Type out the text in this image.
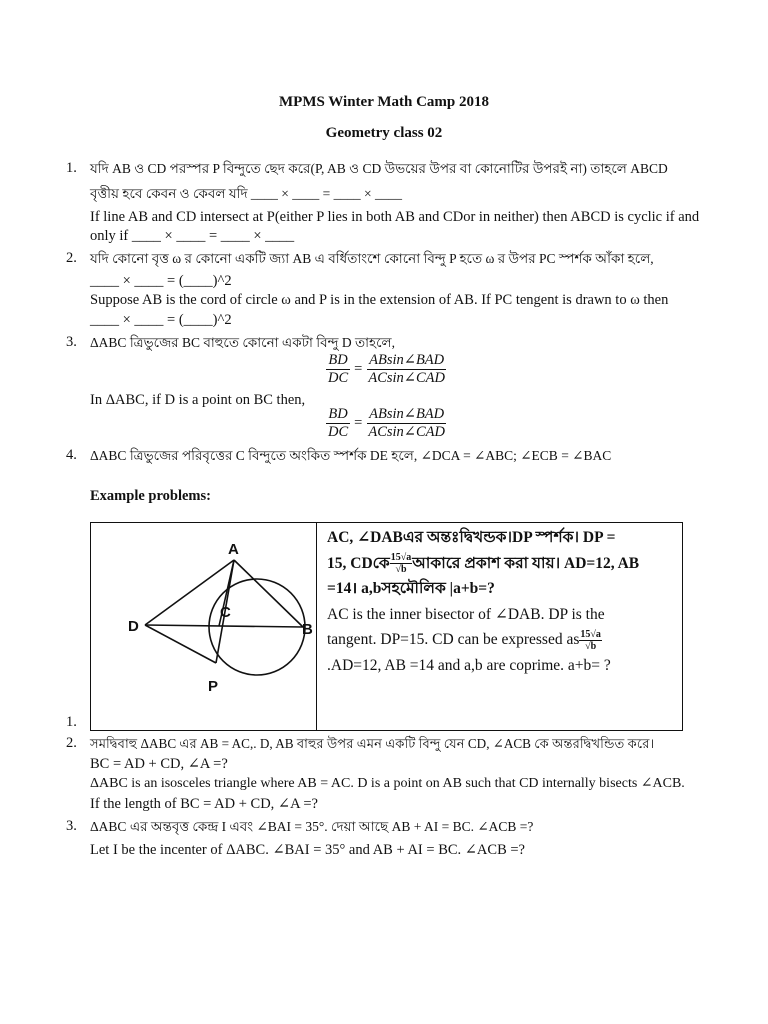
MPMS Winter Math Camp 2018
Geometry class 02
1. যদি AB ও CD পরস্পর P বিন্দুতে ছেদ করে(P, AB ও CD উভয়ের উপর বা কোনোটির উপরই না) তাহলে ABCD
বৃত্তীয় হবে কেবন ও কেবল যদি ____ × ____ = ____ × ____
If line AB and CD intersect at P(either P lies in both AB and CDor in neither) then ABCD is cyclic if and
only if ____ × ____ = ____ × ____
2. যদি কোনো বৃত্ত ω র কোনো একটি জ্যা AB এ বর্ধিতাংশে কোনো বিন্দু P হতে ω র উপর PC স্পর্শক আঁকা হলে,
____ × ____ = (____)^2
Suppose AB is the cord of circle ω and P is in the extension of AB. If PC tengent is drawn to ω then
____ × ____ = (____)^2
3. ΔABC ত্রিভুজের BC বাহুতে কোনো একটা বিন্দু D তাহলে,
$\frac{BD}{DC} = \frac{\text{ABsin∠BAD}}{\text{ACsin∠CAD}}$
In ΔABC, if D is a point on BC then,
$\frac{BD}{DC} = \frac{\text{ABsin∠BAD}}{\text{ACsin∠CAD}}$
4. ΔABC ত্রিভুজের পরিবৃত্তের C বিন্দুতে অংকিত স্পর্শক DE হলে, ∠DCA = ∠ABC; ∠ECB = ∠BAC
Example problems:
AC, ∠DABএর অন্তঃদ্বিখন্ডক।DP স্পর্শক। DP =
15, CDকে $\frac{15√a}{√b}$ আকারে প্রকাশ করা যায়। AD=12, AB
=14। a,bসহমৌলিক |a+b=?
AC is the inner bisector of ∠DAB. DP is the
tangent. DP=15. CD can be expressed as $\frac{15√a}{√b}$
.AD=12, AB =14 and a,b are coprime. a+b= ?
A
D	B
C
P
1.
2. সমদ্বিবাহু ΔABC এর AB = AC,. D, AB বাহুর উপর এমন একটি বিন্দু যেন CD, ∠ACB কে অন্তরদ্বিখন্ডিত করে।
BC = AD + CD, ∠A =?
ΔABC is an isosceles triangle where AB = AC. D is a point on AB such that CD internally bisects ∠ACB.
If the length of BC = AD + CD, ∠A =?
3. ΔABC এর অন্তবৃত্ত কেন্দ্র I এবং ∠BAI = 35°. দেয়া আছে AB + AI = BC. ∠ACB =?
Let I be the incenter of ΔABC. ∠BAI = 35° and AB + AI = BC. ∠ACB =?
